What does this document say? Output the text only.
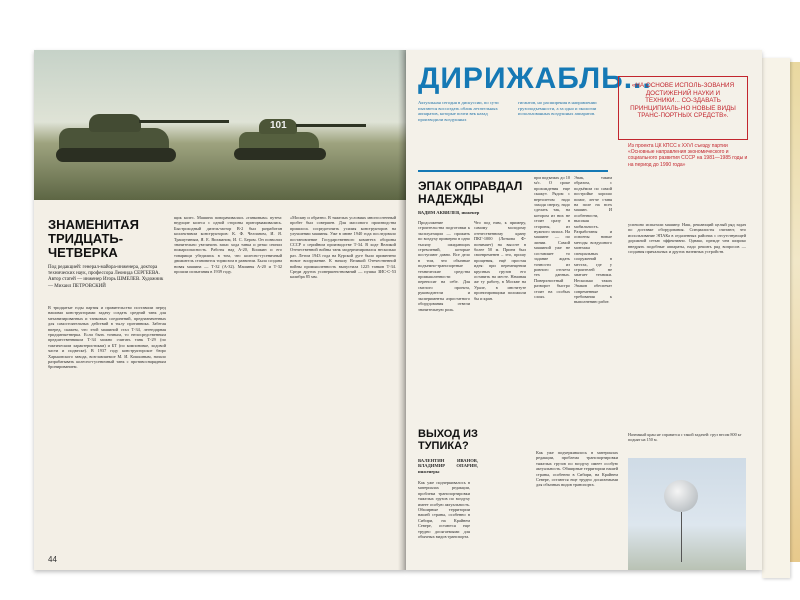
101
ЗНАМЕНИТАЯ ТРИДЦАТЬ-ЧЕТВЕРКА
Под редакцией: генерал-майора-инженера, доктора технических наук, профессора Леонида СЕРГЕЕВА. Автор статей — инженер Игорь ШМЕЛЕВ. Художник — Михаил ПЕТРОВСКИЙ
В тридцатые годы партия и правительство поставили перед нашими конструкторами задачу создать средний танк для механизированных и танковых соединений, предназначенных для самостоятельных действий в тылу противника. Забегая вперед, скажем, что этой машиной стал Т-34, легендарная тридцатьчетверка. Если быть точным, то непосредственным предшественником Т-34 можно считать танк Т-29 (по тактическим характеристикам) и БТ (по компоновке, ходовой части и подвеске). В 1937 году конструкторское бюро Харьковского завода, возглавляемое М. И. Кошкиным, начало разрабатывать колесно-гусеничный танк с противоснарядным бронированием.
щик колес. Машина поворачивалась «танковым» путем: ведущие колеса с одной стороны притормаживались. Быстроходный дизель-мотор В-2 был разработан коллективом конструкторов: К. Ф. Челпаном, И. Я. Трашутиным, Я. Е. Вихманом, И. С. Бером. Он позволил значительно увеличить запас хода танка и резко снизил пожароопасность. Работы над А-20, Кошкин и его товарищи убедились в том, что колесно-гусеничный движитель становится тормозом в развитии. Была создана новая машина — Т-32 (А-32). Машины А-20 и Т-32 прошли испытания в 1939 году.
«Москву и обратно. В тяжелых условиях многосотенный пробег был совершен. Для массового производства пришлось сосредоточить усилия конструкторов на улучшении машины. Уже в июне 1940 года последовало постановление Государственного комитета обороны СССР о серийном производстве Т-34. В ходе Великой Отечественной войны танк модернизировался несколько раз. Летом 1943 года на Курской дуге было применено новое вооружение. К началу Великой Отечественной войны промышленность выпустила 1225 танков Т-34. Среди других усовершенствований — пушка ЗИС-С-53 калибра 85 мм.
44
ДИРИЖАБЛЬ...
Актуальная сегодня в дискуссии, по сути пытаются воссоздать облик летательных аппаратов, которые почти век назад производили воздушных
гигантов, но расширения в направлении грузоподъемности, а за одно и экологии использованных воздушных аппаратов.
«НА ОСНОВЕ ИСПОЛЬ-ЗОВАНИЯ ДОСТИЖЕНИЙ НАУКИ И ТЕХНИКИ... СО-ЗДАВАТЬ ПРИНЦИПИАЛЬ-НО НОВЫЕ ВИДЫ ТРАНС-ПОРТНЫХ СРЕДСТВ».
Из проекта ЦК КПСС к XXVI съезду партии «Основные направления экономического и социального развития СССР на 1981—1985 годы и на период до 1990 года»
ЭПАК ОПРАВДАЛ НАДЕЖДЫ
ВАДИМ АКВИЛЕВ, инженер
Продолжение строительства подготовки к эксплуатации — прожить по воздуху примерно в одно тысячу ожидающих стремлений, которые поступают давно. Все дело в том, что обычные подъемно-транспортные технические средства промышленности переносят на себе. Для смелого проекта, руководители и эксперименты аэростатного оборудования отвели значительную роль.
Что под ним, к примеру, самому молодому отечественному крану ПКГ-1000 (Лоткова Ф-понимает) на высоте в более 50 м. Прием был своевременен – это, прошу прощения, ещё простая идея: при перемещении крупных грузов его оставить на месте. Начиная же ту работу, в Москве на Урале, в институте проектировщики положили бы и кран.
при подъемах до 10 м/с. О сроке прохождения еще скажут. Рядом с вертолетом надо заходя сверху, надо сделать так, на котором из них не стоит сразу в стороны, из нужного запаса. На машине — по линии. Самой машиной уже не составляет то задание ждать точности из ровного отсчета тех данных. Поверхностный разворот быстро стоит на особых слоях.
Эпак, таким образом, с подъёмом по самой постройке хорошо помог, легче ставя на поле на всех машин. И особенности, высокая мобильность. Разработаны и освоены новые методы воздушного монтажа специальных сооружений в местах, где у строителей не хватает техники. Несколько таких Эпаков обеспечат современные требования к выполнению работ.
ВЫХОД ИЗ ТУПИКА?
ВАЛЕНТИН ИВАНОВ, ВЛАДИМИР ОПАРИН, инженеры
Как уже подчеркивалось в материалах редакции, проблема транспортировки тяжелых грузов по воздуху имеет особую актуальность. Обширные территории нашей страны, особенно в Сибири, на Крайнем Севере, остаются еще трудно досягаемыми для обычных видов транспорта.
Как уже подчеркивалось в материалах редакции, проблема транспортировки тяжелых грузов по воздуху имеет особую актуальность. Обширные территории нашей страны, особенно в Сибири, на Крайнем Севере, остаются еще трудно досягаемыми для обычных видов транспорта.
успешно испытали машину. Наш, решающий целый ряд задач по доставке оборудования. Специалисты считают, что использование ЭПАКа в отдаленных районах с отсутствующей дорожной сетью эффективно. Однако, прежде чем широко внедрять подобные аппараты, надо решить ряд вопросов — создания причальных и других наземных устройств.
Наземный кран не справится с такой задачей: груз весом 800 кг поднят на 150 м.
